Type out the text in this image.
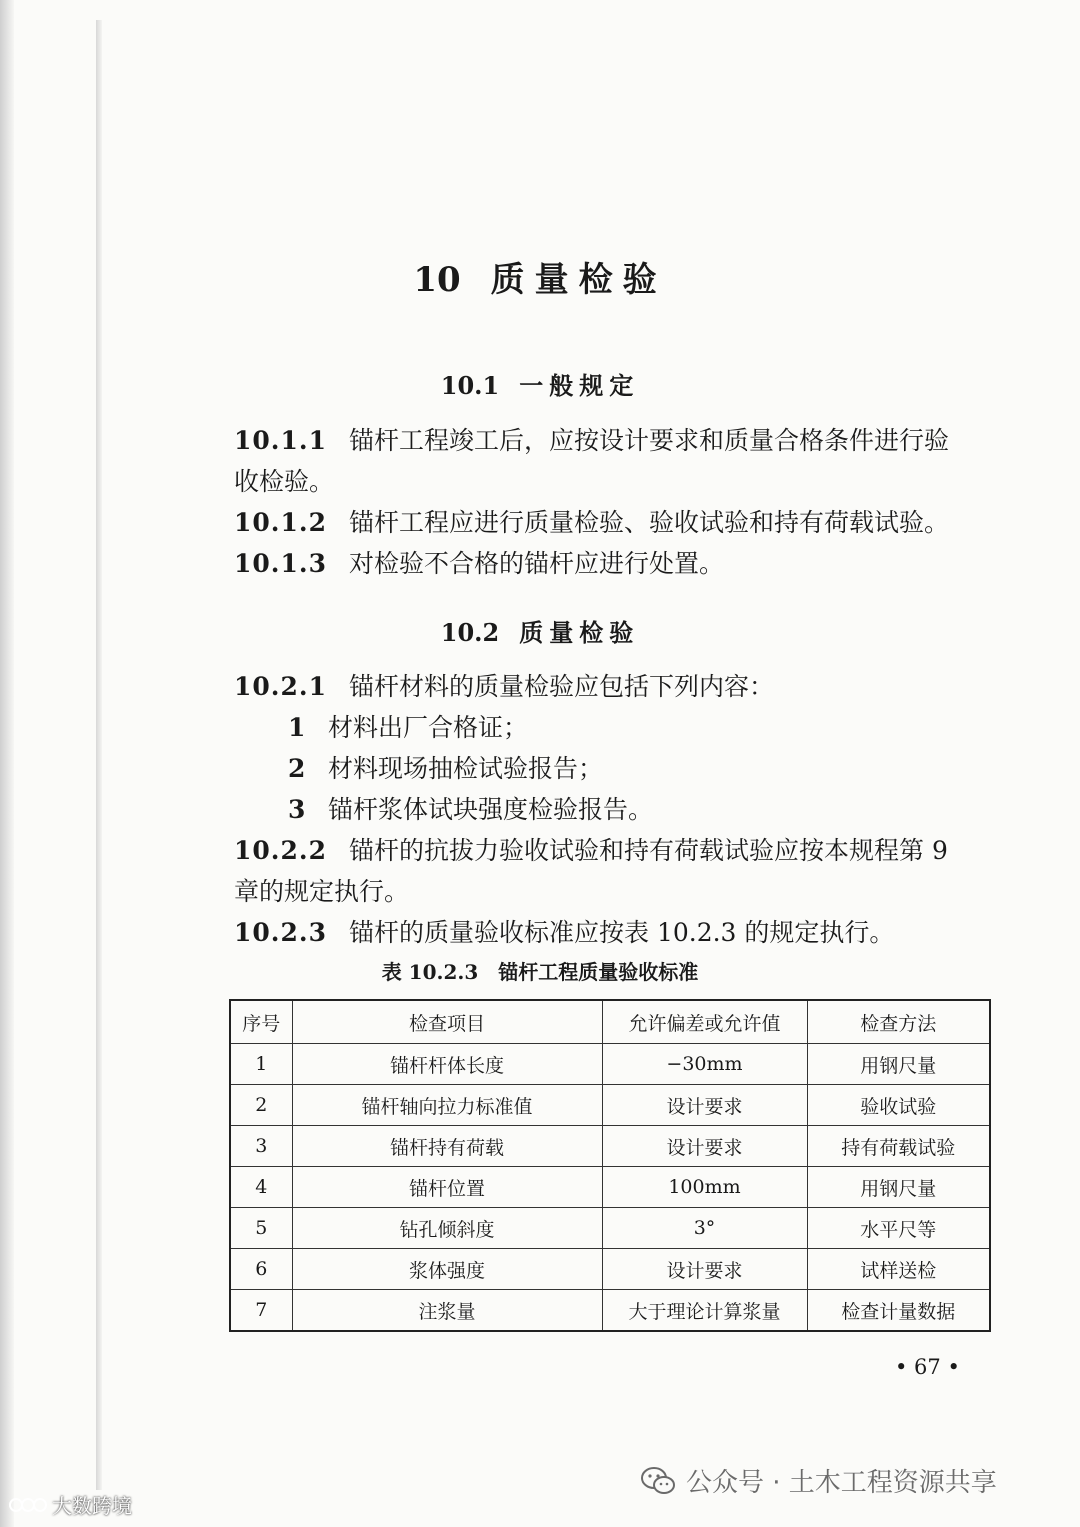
10 质量检验
10.1 一般规定
10.1.1 锚杆工程竣工后，应按设计要求和质量合格条件进行验
收检验。
10.1.2 锚杆工程应进行质量检验、验收试验和持有荷载试验。
10.1.3 对检验不合格的锚杆应进行处置。
10.2 质量检验
10.2.1 锚杆材料的质量检验应包括下列内容：
1 材料出厂合格证；
2 材料现场抽检试验报告；
3 锚杆浆体试块强度检验报告。
10.2.2 锚杆的抗拔力验收试验和持有荷载试验应按本规程第 9
章的规定执行。
10.2.3 锚杆的质量验收标准应按表 10.2.3 的规定执行。
表 10.2.3 锚杆工程质量验收标准
序号	检查项目	允许偏差或允许值	检查方法
1	锚杆杆体长度	−30mm	用钢尺量
2	锚杆轴向拉力标准值	设计要求	验收试验
3	锚杆持有荷载	设计要求	持有荷载试验
4	锚杆位置	100mm	用钢尺量
5	钻孔倾斜度	3°	水平尺等
6	浆体强度	设计要求	试样送检
7	注浆量	大于理论计算浆量	检查计量数据
• 67 •
公众号 · 土木工程资源共享
大数跨境
